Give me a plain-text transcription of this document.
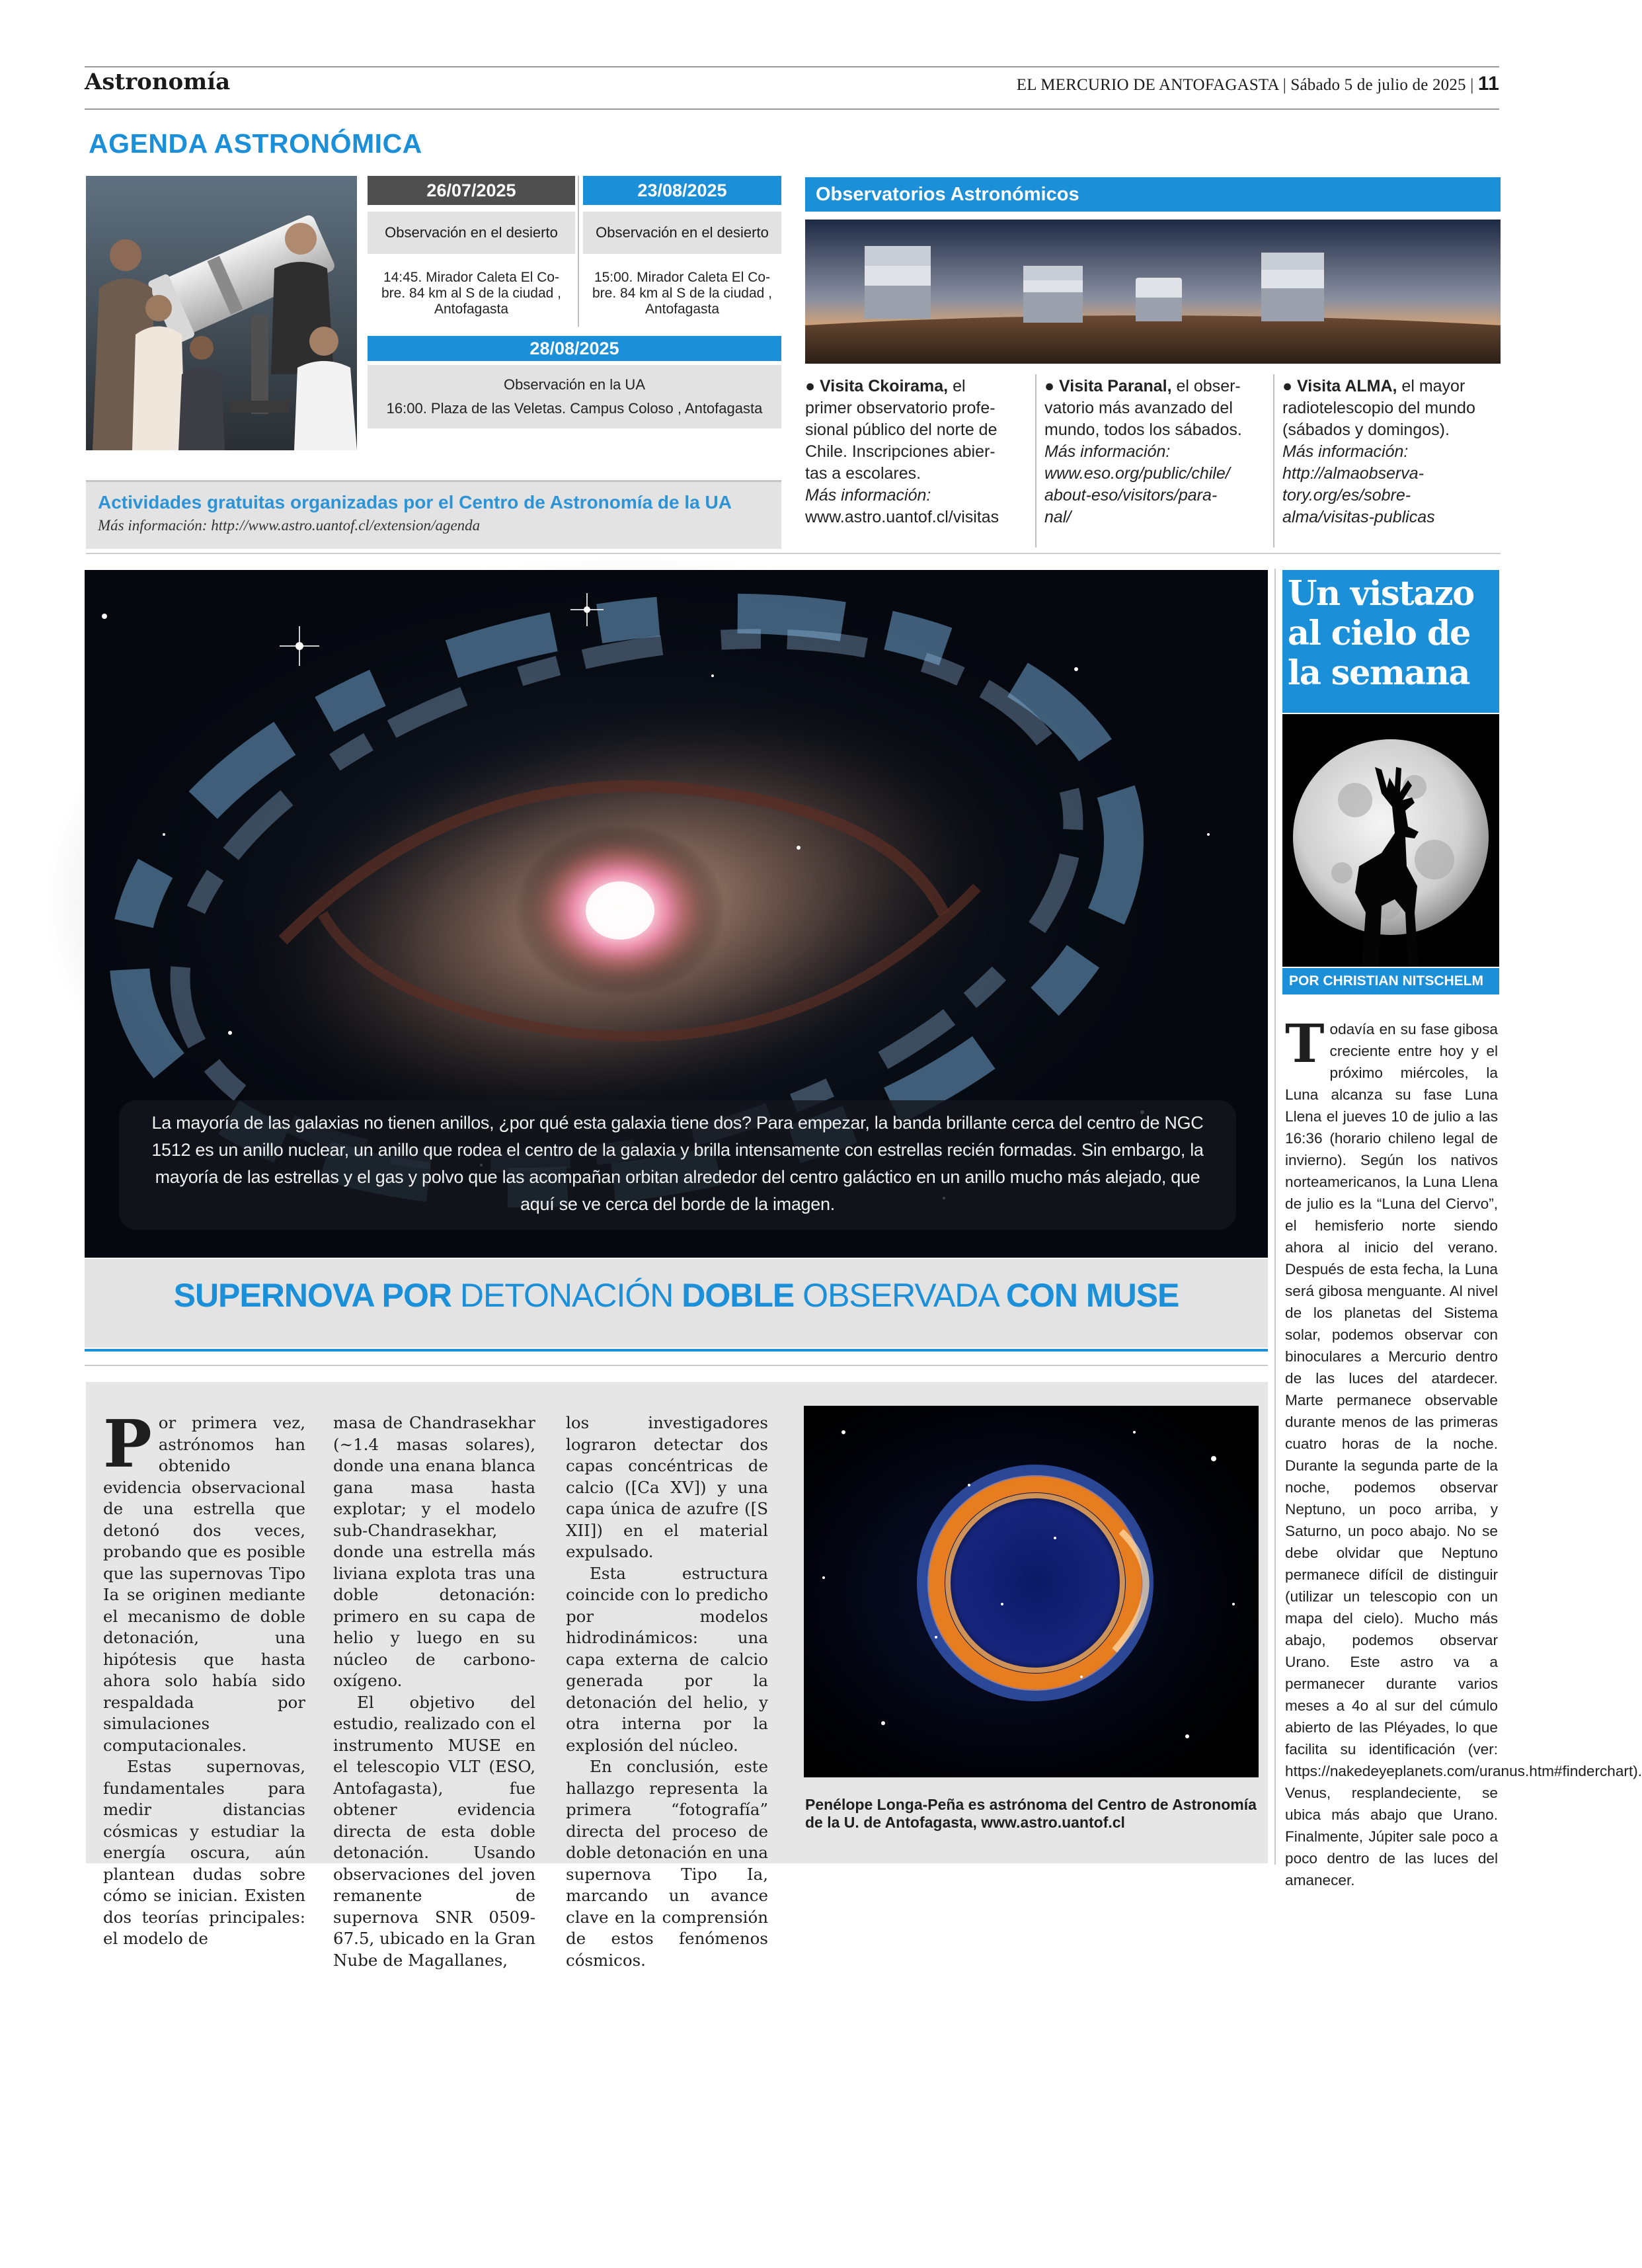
Astronomía	EL MERCURIO DE ANTOFAGASTA | Sábado 5 de julio de 2025 | 11
AGENDA ASTRONÓMICA
26/07/2025
Observación en el desierto
14:45. Mirador Caleta El Co-
bre. 84 km al S de la ciudad ,
Antofagasta
23/08/2025
Observación en el desierto
15:00. Mirador Caleta El Co-
bre. 84 km al S de la ciudad ,
Antofagasta
28/08/2025
Observación en la UA
16:00. Plaza de las Veletas. Campus Coloso , Antofagasta
Actividades gratuitas organizadas por el Centro de Astronomía de la UA
Más información: http://www.astro.uantof.cl/extension/agenda
Observatorios Astronómicos
● Visita Ckoirama, el
primer observatorio profe-
sional público del norte de
Chile. Inscripciones abier-
tas a escolares.
Más información:
www.astro.uantof.cl/visitas
● Visita Paranal, el obser-
vatorio más avanzado del
mundo, todos los sábados.
Más información:
www.eso.org/public/chile/
about-eso/visitors/para-
nal/
● Visita ALMA, el mayor
radiotelescopio del mundo
(sábados y domingos).
Más información:
http://almaobserva-
tory.org/es/sobre-
alma/visitas-publicas
La mayoría de las galaxias no tienen anillos, ¿por qué esta galaxia tiene dos? Para empezar, la banda brillante cerca del centro de NGC 1512 es un anillo nuclear, un anillo que rodea el centro de la galaxia y brilla intensamente con estrellas recién formadas. Sin embargo, la mayoría de las estrellas y el gas y polvo que las acompañan orbitan alrededor del centro galáctico en un anillo mucho más alejado, que aquí se ve cerca del borde de la imagen.
SUPERNOVA POR DETONACIÓN DOBLE OBSERVADA CON MUSE

Por primera vez, astrónomos han obtenido evidencia observacional de una estrella que detonó dos veces, probando que es posible que las supernovas Tipo Ia se originen mediante el mecanismo de doble detonación, una hipótesis que hasta ahora solo había sido respaldada por simulaciones computacionales.

Estas supernovas, fundamentales para medir distancias cósmicas y estudiar la energía oscura, aún plantean dudas sobre cómo se inician. Existen dos teorías principales: el modelo de

masa de Chandrasekhar (~1.4 masas solares), donde una enana blanca gana masa hasta explotar; y el modelo sub-Chandrasekhar, donde una estrella más liviana explota tras una doble detonación: primero en su capa de helio y luego en su núcleo de carbono-oxígeno.

El objetivo del estudio, realizado con el instrumento MUSE en el telescopio VLT (ESO, Antofagasta), fue obtener evidencia directa de esta doble detonación. Usando observaciones del joven remanente de supernova SNR 0509-67.5, ubicado en la Gran Nube de Magallanes,

los investigadores lograron detectar dos capas concéntricas de calcio ([Ca XV]) y una capa única de azufre ([S XII]) en el material expulsado.

Esta estructura coincide con lo predicho por modelos hidrodinámicos: una capa externa de calcio generada por la detonación del helio, y otra interna por la explosión del núcleo.

En conclusión, este hallazgo representa la primera “fotografía” directa del proceso de doble detonación en una supernova Tipo Ia, marcando un avance clave en la comprensión de estos fenómenos cósmicos.

Penélope Longa-Peña es astrónoma del Centro de Astronomía de la U. de Antofagasta, www.astro.uantof.cl
Un vistazo al cielo de la semana
POR CHRISTIAN NITSCHELM
Todavía en su fase gibosa creciente entre hoy y el próximo miércoles, la Luna alcanza su fase Luna Llena el jueves 10 de julio a las 16:36 (horario chileno legal de invierno). Según los nativos norteamericanos, la Luna Llena de julio es la “Luna del Ciervo”, el hemisferio norte siendo ahora al inicio del verano. Después de esta fecha, la Luna será gibosa menguante. Al nivel de los planetas del Sistema solar, podemos observar con binoculares a Mercurio dentro de las luces del atardecer. Marte permanece observable durante menos de las primeras cuatro horas de la noche. Durante la segunda parte de la noche, podemos observar Neptuno, un poco arriba, y Saturno, un poco abajo. No se debe olvidar que Neptuno permanece difícil de distinguir (utilizar un telescopio con un mapa del cielo). Mucho más abajo, podemos observar Urano. Este astro va a permanecer durante varios meses a 4o al sur del cúmulo abierto de las Pléyades, lo que facilita su identificación (ver: https://nakedeyeplanets.com/uranus.htm#finderchart). Venus, resplandeciente, se ubica más abajo que Urano. Finalmente, Júpiter sale poco a poco dentro de las luces del amanecer.
